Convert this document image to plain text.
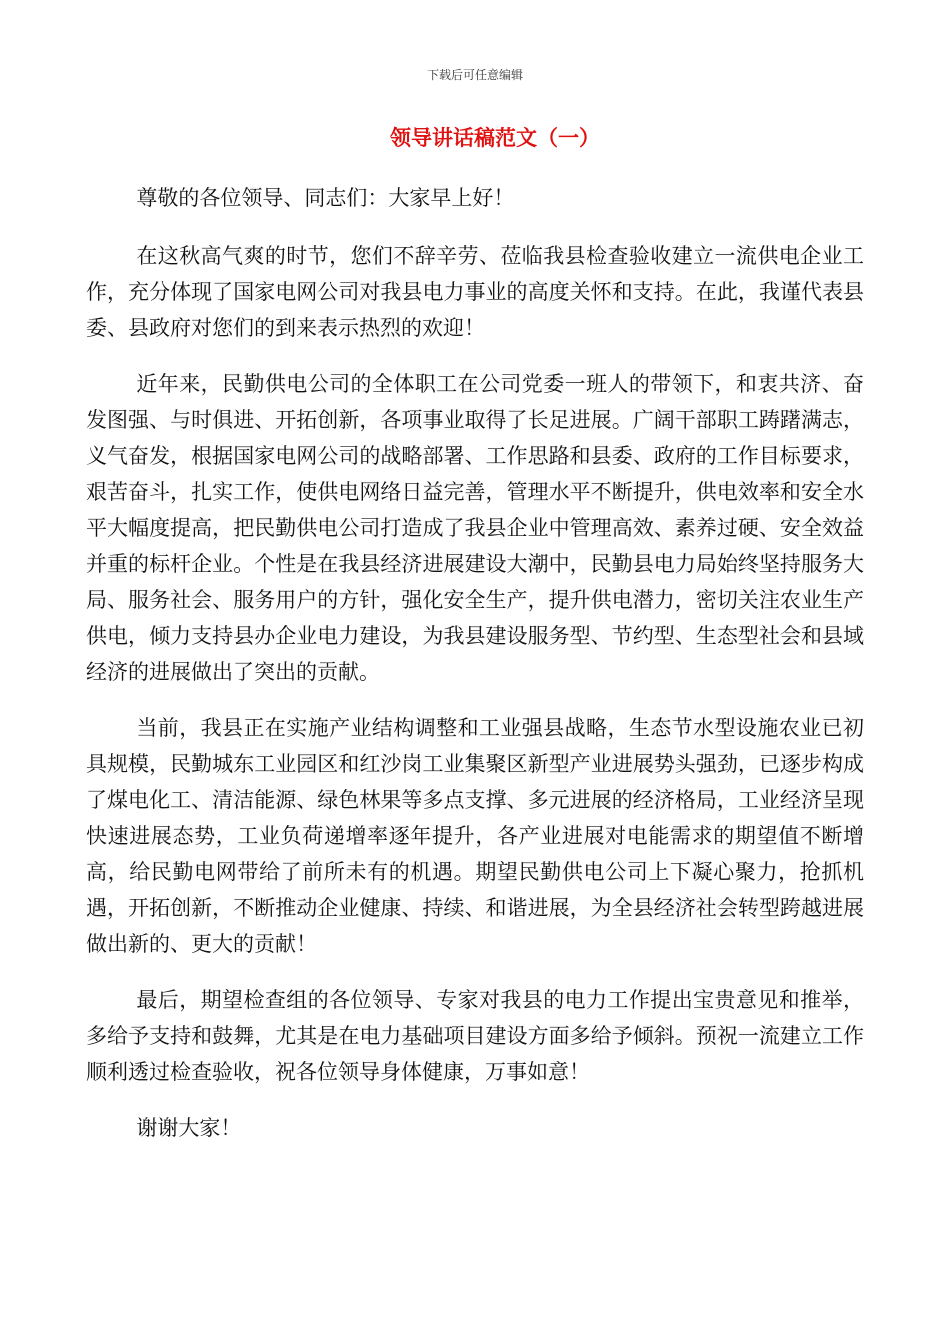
下载后可任意编辑
领导讲话稿范文（一）

尊敬的各位领导、同志们：大家早上好！

在这秋高气爽的时节，您们不辞辛劳、莅临我县检查验收建立一流供电企业工作，充分体现了国家电网公司对我县电力事业的高度关怀和支持。在此，我谨代表县委、县政府对您们的到来表示热烈的欢迎！

近年来，民勤供电公司的全体职工在公司党委一班人的带领下，和衷共济、奋发图强、与时俱进、开拓创新，各项事业取得了长足进展。广阔干部职工踌躇满志，义气奋发，根据国家电网公司的战略部署、工作思路和县委、政府的工作目标要求，艰苦奋斗，扎实工作，使供电网络日益完善，管理水平不断提升，供电效率和安全水平大幅度提高，把民勤供电公司打造成了我县企业中管理高效、素养过硬、安全效益并重的标杆企业。个性是在我县经济进展建设大潮中，民勤县电力局始终坚持服务大局、服务社会、服务用户的方针，强化安全生产，提升供电潜力，密切关注农业生产供电，倾力支持县办企业电力建设，为我县建设服务型、节约型、生态型社会和县域经济的进展做出了突出的贡献。

当前，我县正在实施产业结构调整和工业强县战略，生态节水型设施农业已初具规模，民勤城东工业园区和红沙岗工业集聚区新型产业进展势头强劲，已逐步构成了煤电化工、清洁能源、绿色林果等多点支撑、多元进展的经济格局，工业经济呈现快速进展态势，工业负荷递增率逐年提升，各产业进展对电能需求的期望值不断增高，给民勤电网带给了前所未有的机遇。期望民勤供电公司上下凝心聚力，抢抓机遇，开拓创新，不断推动企业健康、持续、和谐进展，为全县经济社会转型跨越进展做出新的、更大的贡献！

最后，期望检查组的各位领导、专家对我县的电力工作提出宝贵意见和推举，多给予支持和鼓舞，尤其是在电力基础项目建设方面多给予倾斜。预祝一流建立工作顺利透过检查验收，祝各位领导身体健康，万事如意！

谢谢大家！
